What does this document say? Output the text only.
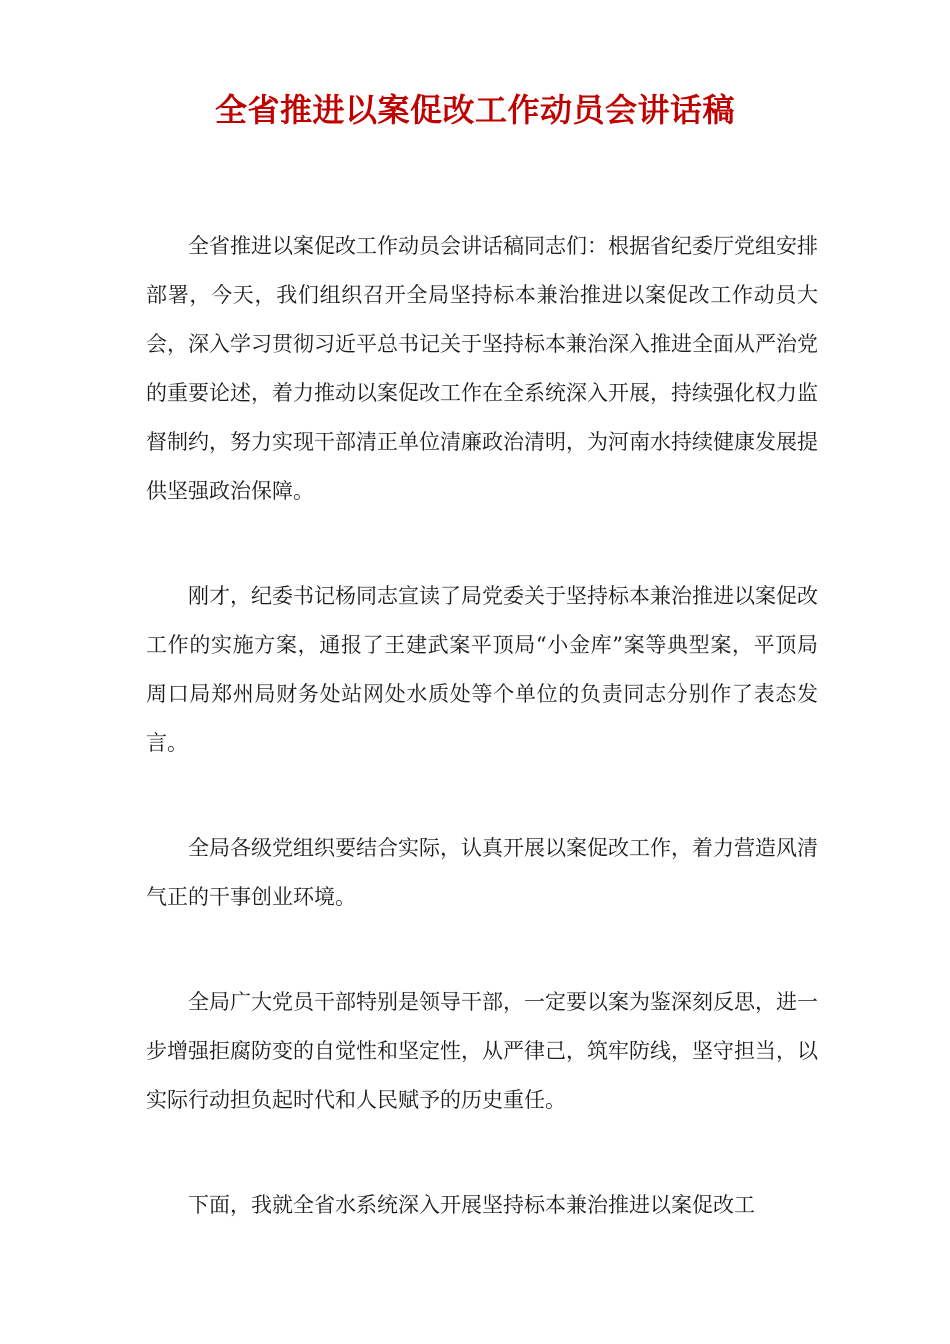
全省推进以案促改工作动员会讲话稿

全省推进以案促改工作动员会讲话稿同志们：根据省纪委厅党组安排部署，今天，我们组织召开全局坚持标本兼治推进以案促改工作动员大会，深入学习贯彻习近平总书记关于坚持标本兼治深入推进全面从严治党的重要论述，着力推动以案促改工作在全系统深入开展，持续强化权力监督制约，努力实现干部清正单位清廉政治清明，为河南水持续健康发展提供坚强政治保障。

刚才，纪委书记杨同志宣读了局党委关于坚持标本兼治推进以案促改工作的实施方案，通报了王建武案平顶局“小金库”案等典型案，平顶局周口局郑州局财务处站网处水质处等个单位的负责同志分别作了表态发言。

全局各级党组织要结合实际，认真开展以案促改工作，着力营造风清气正的干事创业环境。

全局广大党员干部特别是领导干部，一定要以案为鉴深刻反思，进一步增强拒腐防变的自觉性和坚定性，从严律己，筑牢防线，坚守担当，以实际行动担负起时代和人民赋予的历史重任。

下面，我就全省水系统深入开展坚持标本兼治推进以案促改工
